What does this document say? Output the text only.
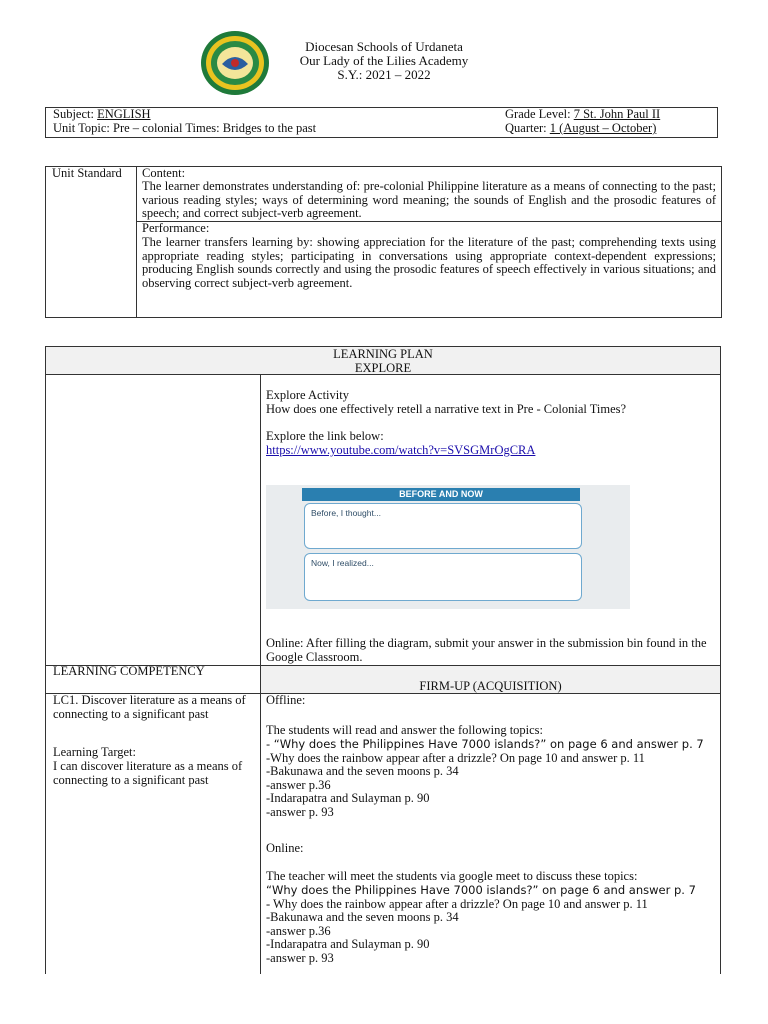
Diocesan Schools of Urdaneta
Our Lady of the Lilies Academy
S.Y.: 2021 – 2022
Subject: ENGLISH
Unit Topic: Pre – colonial Times: Bridges to the past
Grade Level: 7 St. John Paul II
Quarter: 1 (August – October)
Unit Standard Content:
The learner demonstrates understanding of: pre-colonial Philippine literature as a means of connecting to the past; various reading styles; ways of determining word meaning; the sounds of English and the prosodic features of speech; and correct subject-verb agreement.
Performance:
The learner transfers learning by: showing appreciation for the literature of the past; comprehending texts using appropriate reading styles; participating in conversations using appropriate context-dependent expressions; producing English sounds correctly and using the prosodic features of speech effectively in various situations; and observing correct subject-verb agreement.
LEARNING PLAN
EXPLORE
Explore Activity
How does one effectively retell a narrative text in Pre - Colonial Times?
Explore the link below:
https://www.youtube.com/watch?v=SVSGMrOgCRA
BEFORE AND NOW
Before, I thought...
Now, I realized...
Online: After filling the diagram, submit your answer in the submission bin found in the Google Classroom.
LEARNING COMPETENCY
FIRM-UP (ACQUISITION)
LC1. Discover literature as a means of connecting to a significant past
Learning Target:
I can discover literature as a means of connecting to a significant past
Offline:
The students will read and answer the following topics:
- “Why does the Philippines Have 7000 islands?” on page 6 and answer p. 7
-Why does the rainbow appear after a drizzle? On page 10 and answer p. 11
-Bakunawa and the seven moons p. 34
-answer p.36
-Indarapatra and Sulayman p. 90
-answer p. 93
Online:
The teacher will meet the students via google meet to discuss these topics:
“Why does the Philippines Have 7000 islands?” on page 6 and answer p. 7
- Why does the rainbow appear after a drizzle? On page 10 and answer p. 11
-Bakunawa and the seven moons p. 34
-answer p.36
-Indarapatra and Sulayman p. 90
-answer p. 93
